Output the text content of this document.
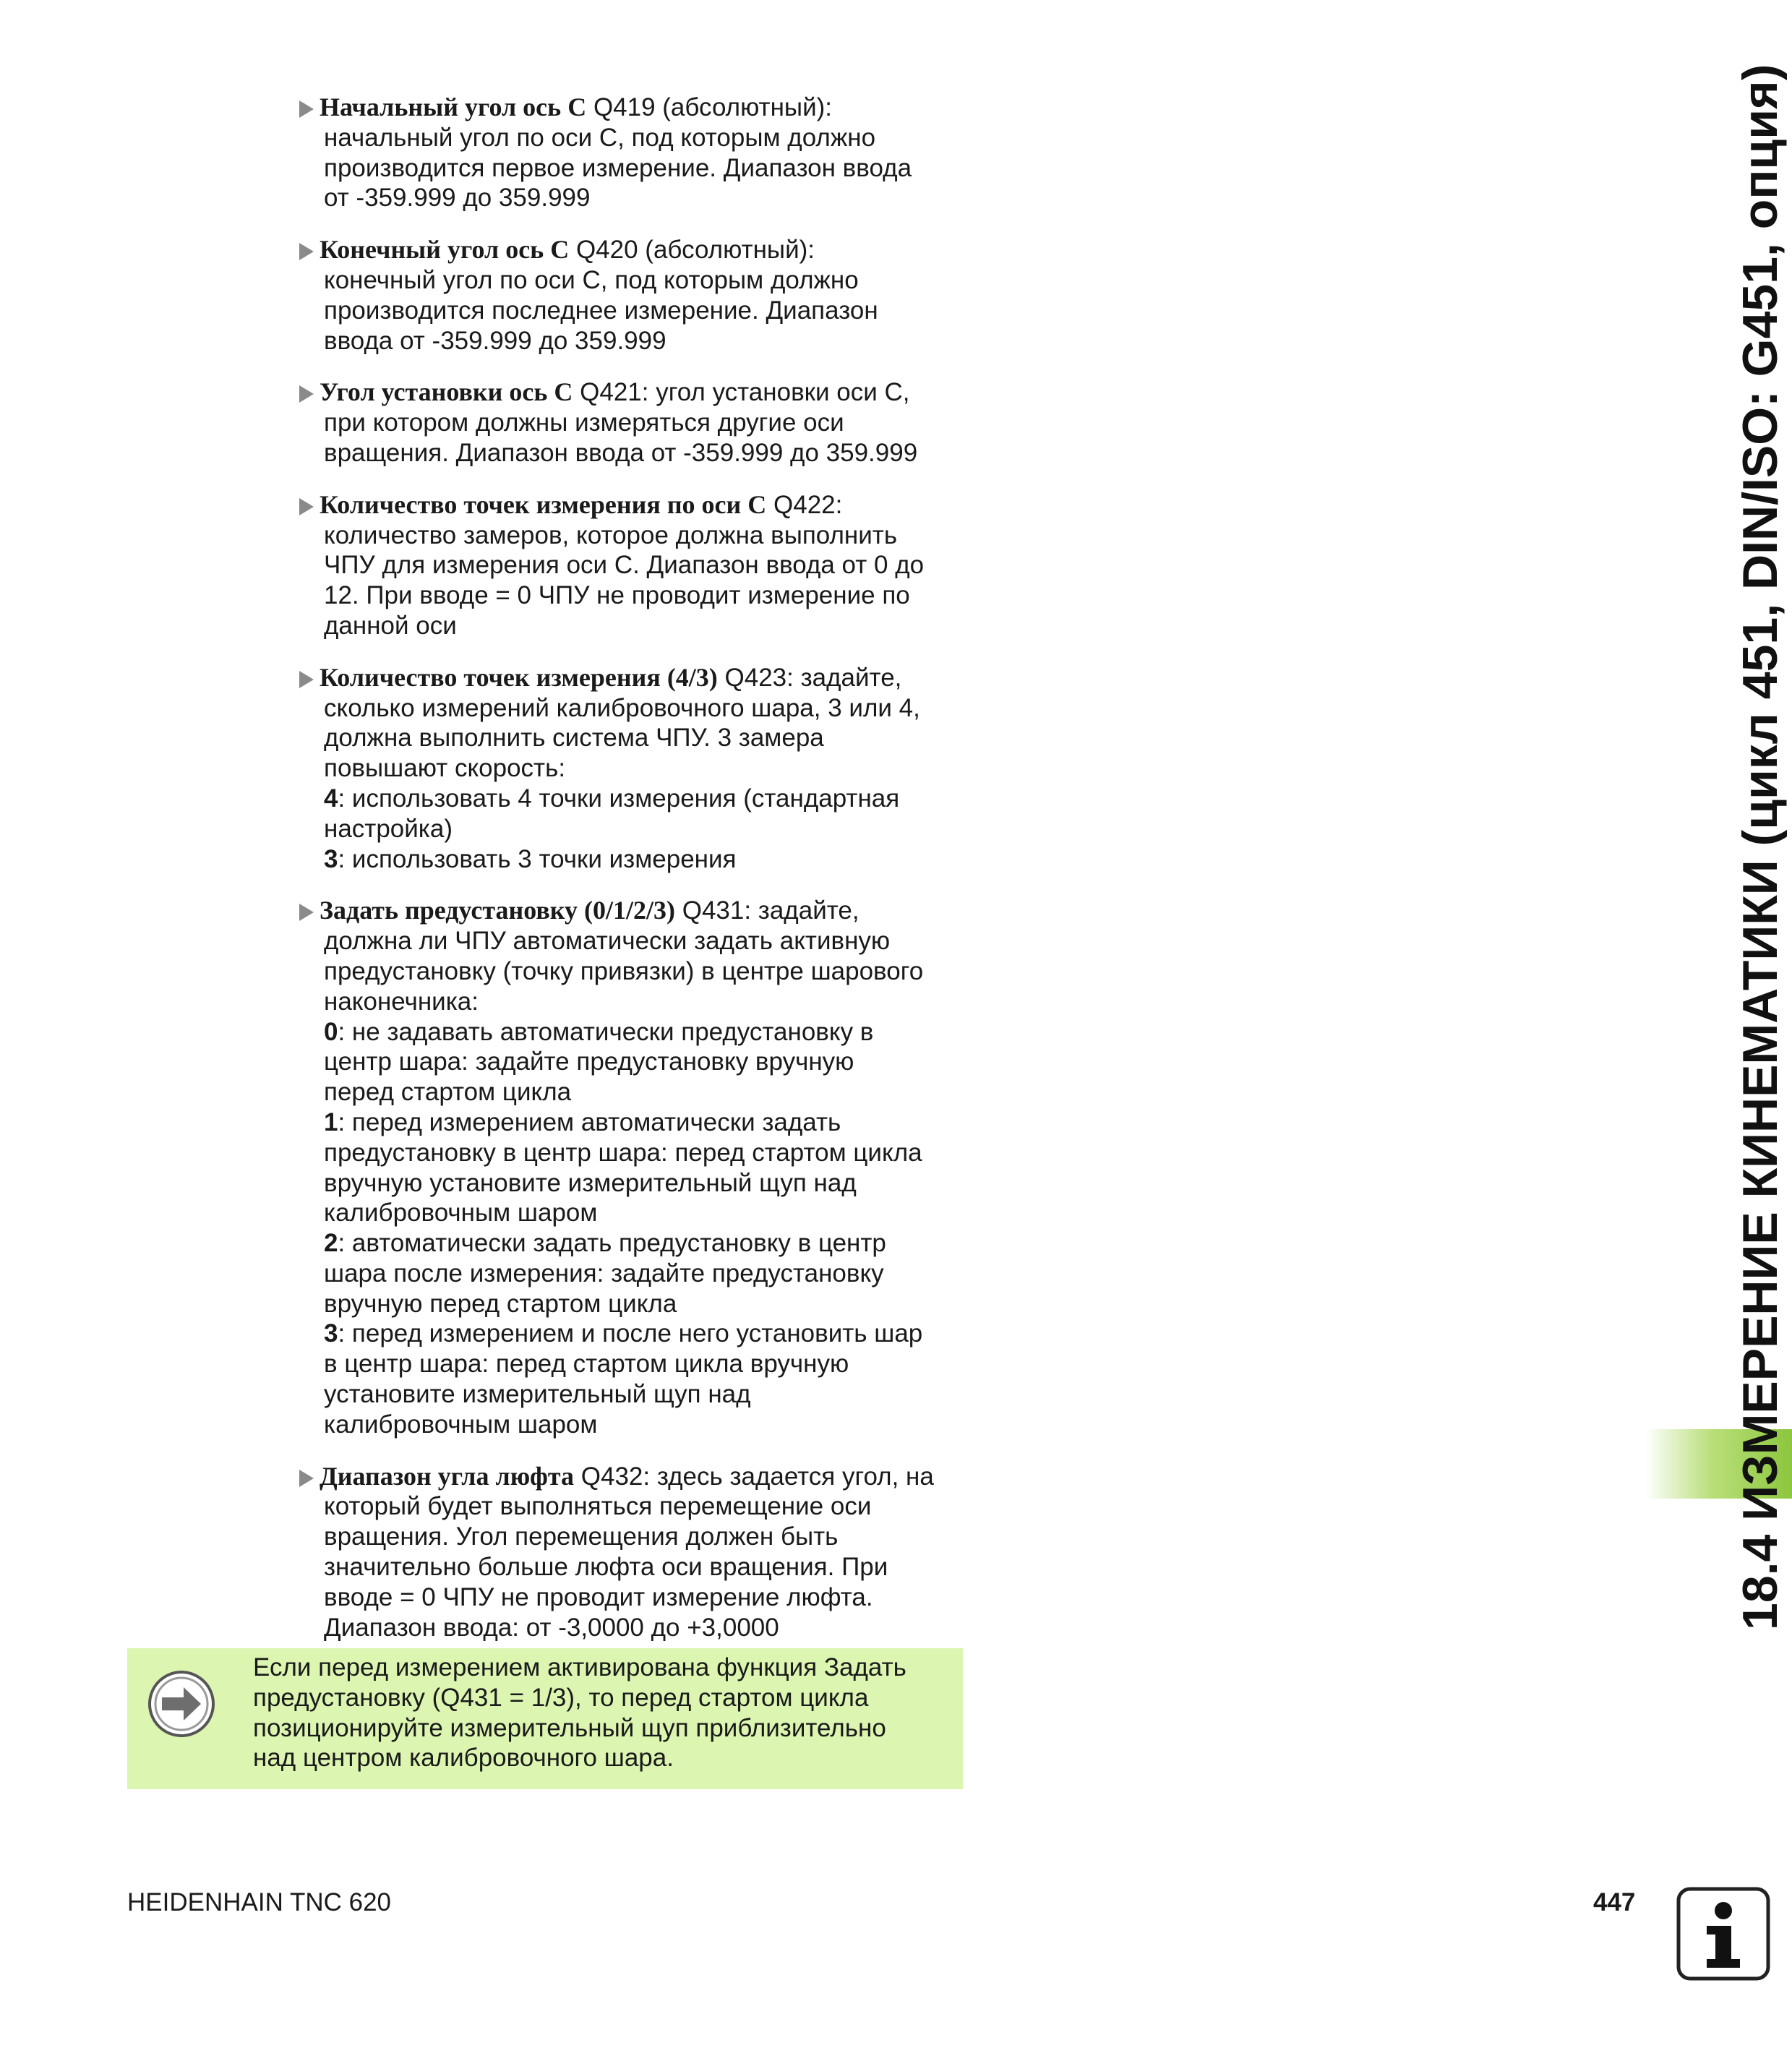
Начальный угол ось С Q419 (абсолютный):
начальный угол по оси C, под которым должно
производится первое измерение. Диапазон ввода
от -359.999 до 359.999
Конечный угол ось С Q420 (абсолютный):
конечный угол по оси C, под которым должно
производится последнее измерение. Диапазон
ввода от -359.999 до 359.999
Угол установки ось С Q421: угол установки оси C,
при котором должны измеряться другие оси
вращения. Диапазон ввода от -359.999 до 359.999
Количество точек измерения по оси С Q422:
количество замеров, которое должна выполнить
ЧПУ для измерения оси C. Диапазон ввода от 0 до
12. При вводе = 0 ЧПУ не проводит измерение по
данной оси
Количество точек измерения (4/3) Q423: задайте,
сколько измерений калибровочного шара, 3 или 4,
должна выполнить система ЧПУ. 3 замера
повышают скорость:
4: использовать 4 точки измерения (стандартная
настройка)
3: использовать 3 точки измерения
Задать предустановку (0/1/2/3) Q431: задайте,
должна ли ЧПУ автоматически задать активную
предустановку (точку привязки) в центре шарового
наконечника:
0: не задавать автоматически предустановку в
центр шара: задайте предустановку вручную
перед стартом цикла
1: перед измерением автоматически задать
предустановку в центр шара: перед стартом цикла
вручную установите измерительный щуп над
калибровочным шаром
2: автоматически задать предустановку в центр
шара после измерения: задайте предустановку
вручную перед стартом цикла
3: перед измерением и после него установить шар
в центр шара: перед стартом цикла вручную
установите измерительный щуп над
калибровочным шаром
Диапазон угла люфта Q432: здесь задается угол, на
который будет выполняться перемещение оси
вращения. Угол перемещения должен быть
значительно больше люфта оси вращения. При
вводе = 0 ЧПУ не проводит измерение люфта.
Диапазон ввода: от -3,0000 до +3,0000
Если перед измерением активирована функция Задать
предустановку (Q431 = 1/3), то перед стартом цикла
позиционируйте измерительный щуп приблизительно
над центром калибровочного шара.
18.4 ИЗМЕРЕНИЕ КИНЕМАТИКИ (цикл 451, DIN/ISO: G451, опция)
HEIDENHAIN TNC 620	447
